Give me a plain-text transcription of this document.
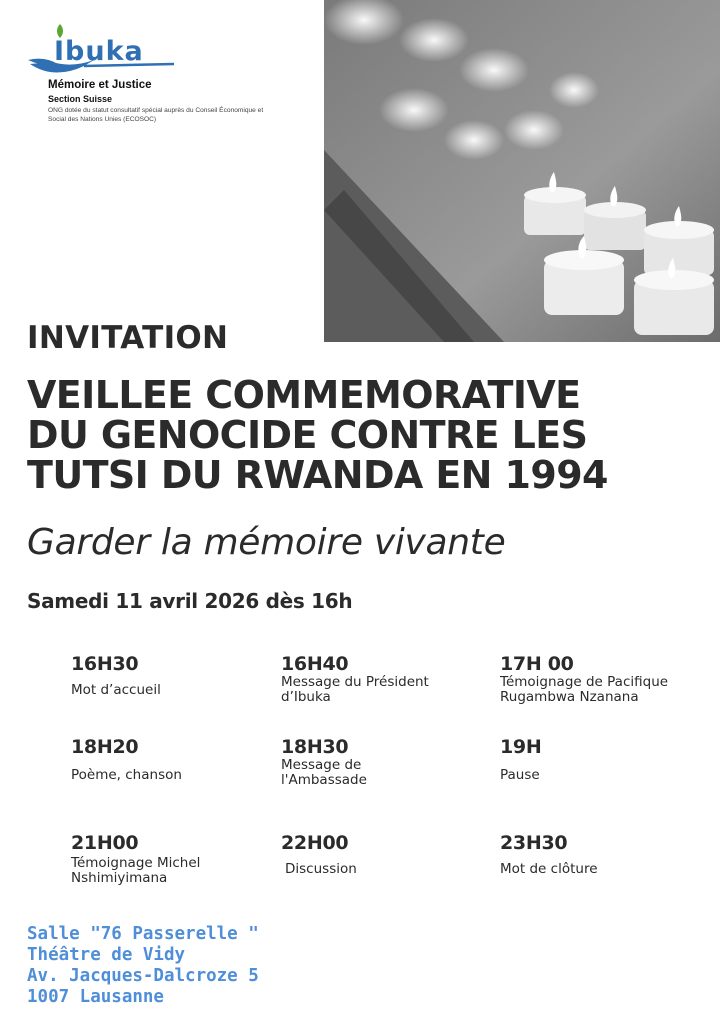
Ibuka
Mémoire et Justice
Section Suisse
ONG dotée du statut consultatif spécial auprès du Conseil Économique et Social des Nations Unies (ECOSOC)
INVITATION
VEILLEE COMMEMORATIVE
DU GENOCIDE CONTRE LES
TUTSI DU RWANDA EN 1994
Garder la mémoire vivante
Samedi 11 avril 2026 dès 16h
16H30
Mot d’accueil
16H40
Message du Président d’Ibuka
17H 00
Témoignage de Pacifique Rugambwa Nzanana
18H20
Poème, chanson
18H30
Message de l'Ambassade
19H
Pause
21H00
Témoignage Michel Nshimiyimana
22H00
Discussion
23H30
Mot de clôture
Salle "76 Passerelle "
Théâtre de Vidy
Av. Jacques-Dalcroze 5
1007 Lausanne
